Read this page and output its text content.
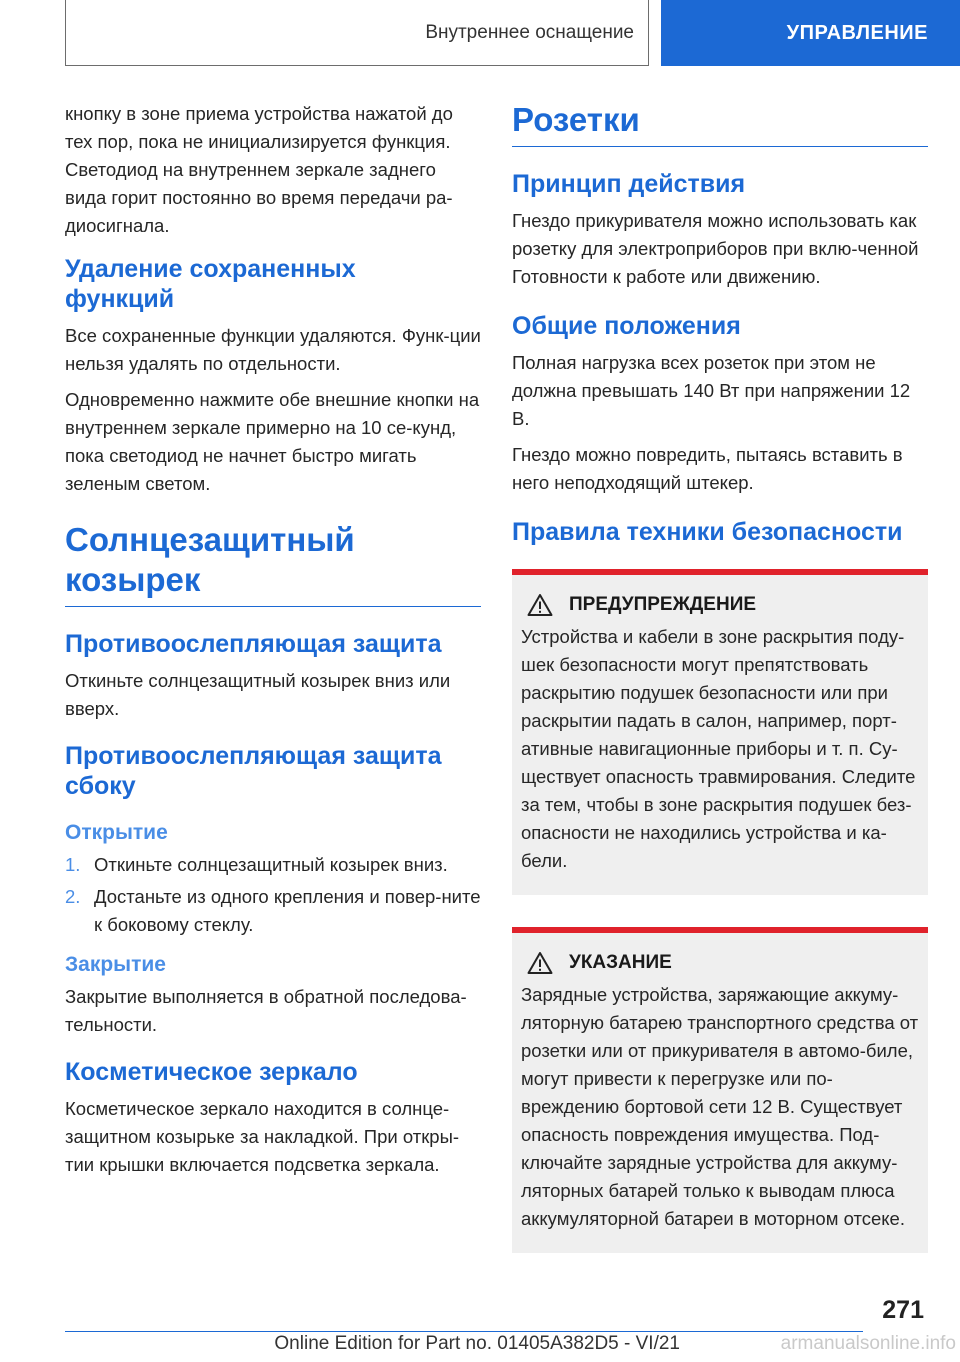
Внутреннее оснащение	УПРАВЛЕНИЕ

кнопку в зоне приема устройства нажатой до тех пор, пока не инициализируется функция. Светодиод на внутреннем зеркале заднего вида горит постоянно во время передачи ра-диосигнала.

Удаление сохраненных функций

Все сохраненные функции удаляются. Функ-ции нельзя удалять по отдельности.

Одновременно нажмите обе внешние кнопки на внутреннем зеркале примерно на 10 се-кунд, пока светодиод не начнет быстро мигать зеленым светом.

Солнцезащитный козырек
Противоослепляющая защита

Откиньте солнцезащитный козырек вниз или вверх.

Противоослепляющая защита сбоку
Открытие
1. Откиньте солнцезащитный козырек вниз.
2. Достаньте из одного крепления и повер-ните к боковому стеклу.
Закрытие

Закрытие выполняется в обратной последова-тельности.

Косметическое зеркало

Косметическое зеркало находится в солнце-защитном козырьке за накладкой. При откры-тии крышки включается подсветка зеркала.

Розетки
Принцип действия

Гнездо прикуривателя можно использовать как розетку для электроприборов при вклю-ченной Готовности к работе или движению.

Общие положения

Полная нагрузка всех розеток при этом не должна превышать 140 Вт при напряжении 12 В.

Гнездо можно повредить, пытаясь вставить в него неподходящий штекер.

Правила техники безопасности
ПРЕДУПРЕЖДЕНИЕ

Устройства и кабели в зоне раскрытия поду-шек безопасности могут препятствовать раскрытию подушек безопасности или при раскрытии падать в салон, например, порт-ативные навигационные приборы и т. п. Су-ществует опасность травмирования. Следите за тем, чтобы в зоне раскрытия подушек без-опасности не находились устройства и ка-бели.

УКАЗАНИЕ

Зарядные устройства, заряжающие аккуму-ляторную батарею транспортного средства от розетки или от прикуривателя в автомо-биле, могут привести к перегрузке или по-вреждению бортовой сети 12 В. Существует опасность повреждения имущества. Под-ключайте зарядные устройства для аккуму-ляторных батарей только к выводам плюса аккумуляторной батареи в моторном отсеке.

271
Online Edition for Part no. 01405A382D5 - VI/21	armanualsonline.info
